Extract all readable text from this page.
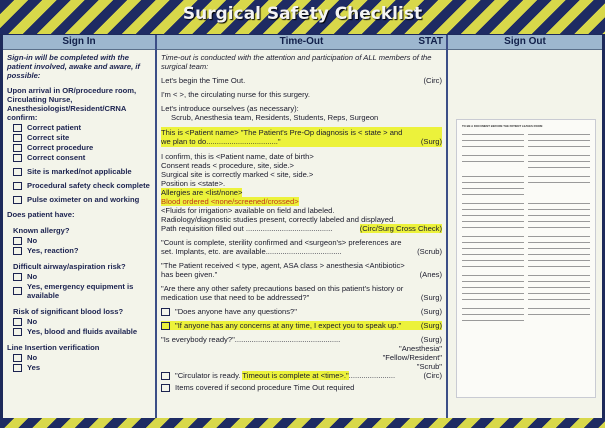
Surgical Safety Checklist
Sign In
Sign-in will be completed with the patient involved, awake and aware, if possible:
Upon arrival in OR/procedure room, Circulating Nurse, Anesthesiologist/Resident/CRNA confirm:
Correct patient
Correct site
Correct procedure
Correct consent
Site is marked/not applicable
Procedural safety check complete
Pulse oximeter on and working
Does patient have:
Known allergy?
No
Yes, reaction?
Difficult airway/aspiration risk?
No
Yes, emergency equipment is available
Risk of significant blood loss?
No
Yes, blood and fluids available
Line Insertion verification
No
Yes
Time-Out	STAT
Time-out is conducted with the attention and participation of ALL members of the surgical team:
Let's begin the Time Out.	(Circ)
I'm < >, the circulating nurse for this surgery.
Let's introduce ourselves (as necessary):
Scrub, Anesthesia team, Residents, Students, Reps, Surgeon
This is <Patient name> "The Patient's Pre-Op diagnosis is < state > and
we plan to do.................................."	(Surg)
I confirm, this is <Patient name, date of birth>
Consent reads < procedure, site, side.>
Surgical site is correctly marked < site, side.>
Position is <state>.
Allergies are <list/none>
Blood ordered <none/screened/crossed>
<Fluids for irrigation> available on field and labeled.
Radiology/diagnostic studies present, correctly labeled and displayed.
Path requisition filled out .........................................	(Circ/Surg Cross Check)
"Count is complete, sterility confirmed and <surgeon's> preferences are
set. Implants, etc. are available....................................	(Scrub)
"The Patient received < type, agent, ASA class > anesthesia <Antibiotic>
has been given."	(Anes)
"Are there any other safety precautions based on this patient's history or
medication use that need to be addressed?"	(Surg)
"Does anyone have any questions?"	(Surg)
"If anyone has any concerns at any time, I expect you to speak up."	(Surg)
"Is everybody ready?"..................................................	(Surg)
"Anesthesia"
"Fellow/Resident"
"Scrub"
"Circulator is ready. Timeout is complete at <time>."......................	(Circ)
Items covered if second procedure Time Out required
Sign Out
TO BE A DOCUMENT BEFORE THE PATIENT LEAVES ROOM
